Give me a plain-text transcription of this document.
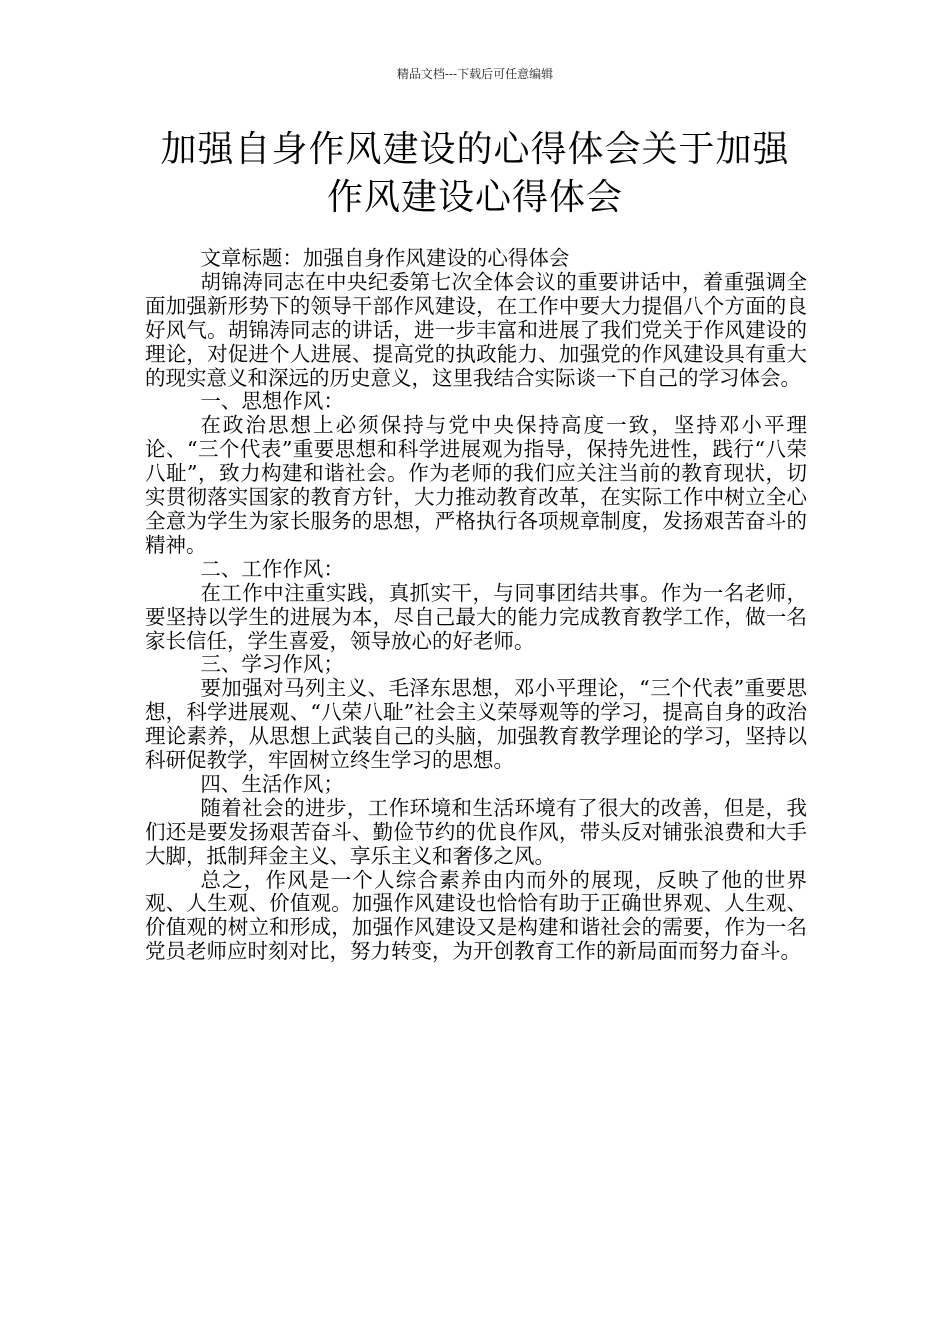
精品文档---下载后可任意编辑
加强自身作风建设的心得体会关于加强作风建设心得体会

文章标题：加强自身作风建设的心得体会

胡锦涛同志在中央纪委第七次全体会议的重要讲话中，着重强调全面加强新形势下的领导干部作风建设，在工作中要大力提倡八个方面的良好风气。胡锦涛同志的讲话，进一步丰富和进展了我们党关于作风建设的理论，对促进个人进展、提高党的执政能力、加强党的作风建设具有重大的现实意义和深远的历史意义，这里我结合实际谈一下自己的学习体会。

一、思想作风：

在政治思想上必须保持与党中央保持高度一致，坚持邓小平理论、“三个代表”重要思想和科学进展观为指导，保持先进性，践行“八荣八耻”，致力构建和谐社会。作为老师的我们应关注当前的教育现状，切实贯彻落实国家的教育方针，大力推动教育改革，在实际工作中树立全心全意为学生为家长服务的思想，严格执行各项规章制度，发扬艰苦奋斗的精神。

二、工作作风：

在工作中注重实践，真抓实干，与同事团结共事。作为一名老师，要坚持以学生的进展为本，尽自己最大的能力完成教育教学工作，做一名家长信任，学生喜爱，领导放心的好老师。

三、学习作风；

要加强对马列主义、毛泽东思想，邓小平理论，“三个代表”重要思想，科学进展观、“八荣八耻”社会主义荣辱观等的学习，提高自身的政治理论素养，从思想上武装自己的头脑，加强教育教学理论的学习，坚持以科研促教学，牢固树立终生学习的思想。

四、生活作风；

随着社会的进步，工作环境和生活环境有了很大的改善，但是，我们还是要发扬艰苦奋斗、勤俭节约的优良作风，带头反对铺张浪费和大手大脚，抵制拜金主义、享乐主义和奢侈之风。

总之，作风是一个人综合素养由内而外的展现，反映了他的世界观、人生观、价值观。加强作风建设也恰恰有助于正确世界观、人生观、价值观的树立和形成，加强作风建设又是构建和谐社会的需要，作为一名党员老师应时刻对比，努力转变，为开创教育工作的新局面而努力奋斗。
